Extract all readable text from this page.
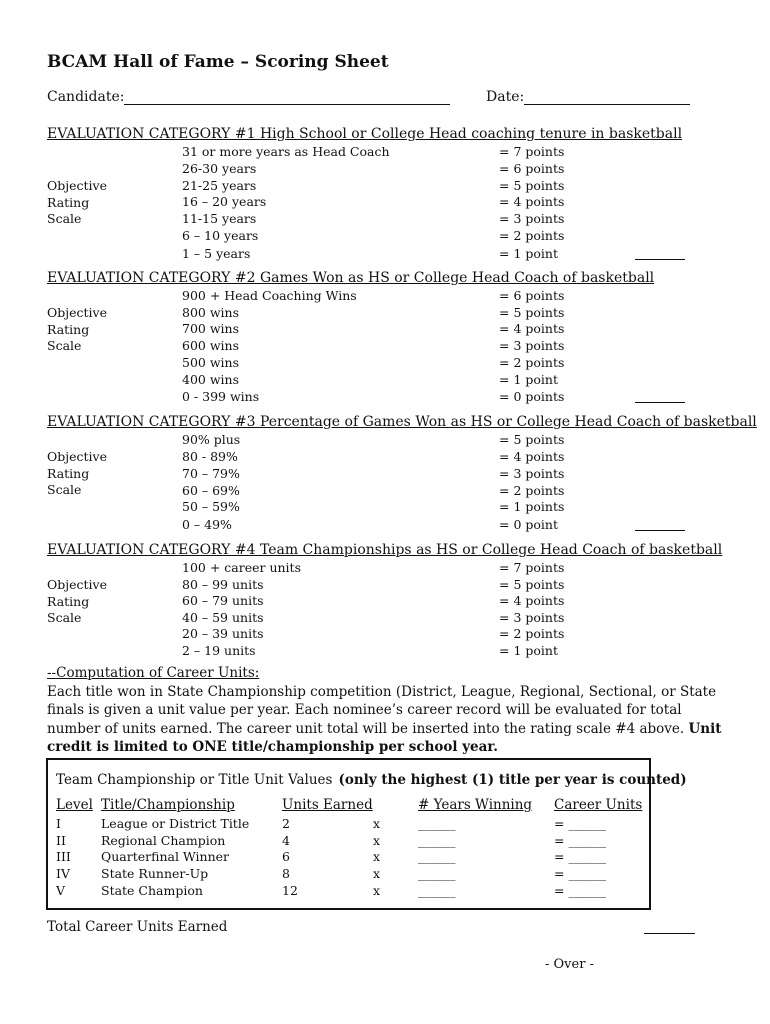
BCAM Hall of Fame – Scoring Sheet
Candidate:	Date:
EVALUATION CATEGORY #1 High School or College Head coaching tenure in basketball
Objective
Rating
Scale
31 or more years as Head Coach	= 7 points
26-30 years	= 6 points
21-25 years	= 5 points
16 – 20 years	= 4 points
11-15 years	= 3 points
6 – 10 years	= 2 points
1 – 5 years	= 1 point
EVALUATION CATEGORY #2 Games Won as HS or College Head Coach of basketball
Objective
Rating
Scale
900 + Head Coaching Wins	= 6 points
800 wins	= 5 points
700 wins	= 4 points
600 wins	= 3 points
500 wins	= 2 points
400 wins	= 1 point
0 - 399 wins	= 0 points
EVALUATION CATEGORY #3 Percentage of Games Won as HS or College Head Coach of basketball
Objective
Rating
Scale
90% plus	= 5 points
80 - 89%	= 4 points
70 – 79%	= 3 points
60 – 69%	= 2 points
50 – 59%	= 1 points
0 – 49%	= 0 point
EVALUATION CATEGORY #4 Team Championships as HS or College Head Coach of basketball
Objective
Rating
Scale
100 + career units	= 7 points
80 – 99 units	= 5 points
60 – 79 units	= 4 points
40 – 59 units	= 3 points
20 – 39 units	= 2 points
2 – 19 units	= 1 point
--Computation of Career Units:
Each title won in State Championship competition (District, League, Regional, Sectional, or State finals is given a unit value per year. Each nominee’s career record will be evaluated for total number of units earned. The career unit total will be inserted into the rating scale #4 above. Unit credit is limited to ONE title/championship per school year.
Team Championship or Title Unit Values (only the highest (1) title per year is counted)
Level Title/Championship	Units Earned	# Years Winning Career Units
I	League or District Title	2	x	______	= ______
II	Regional Champion	4	x	______	= ______
III Quarterfinal Winner	6	x	______	= ______
IV State Runner-Up	8	x	______	= ______
V	State Champion	12	x	______	= ______
Total Career Units Earned
- Over -
